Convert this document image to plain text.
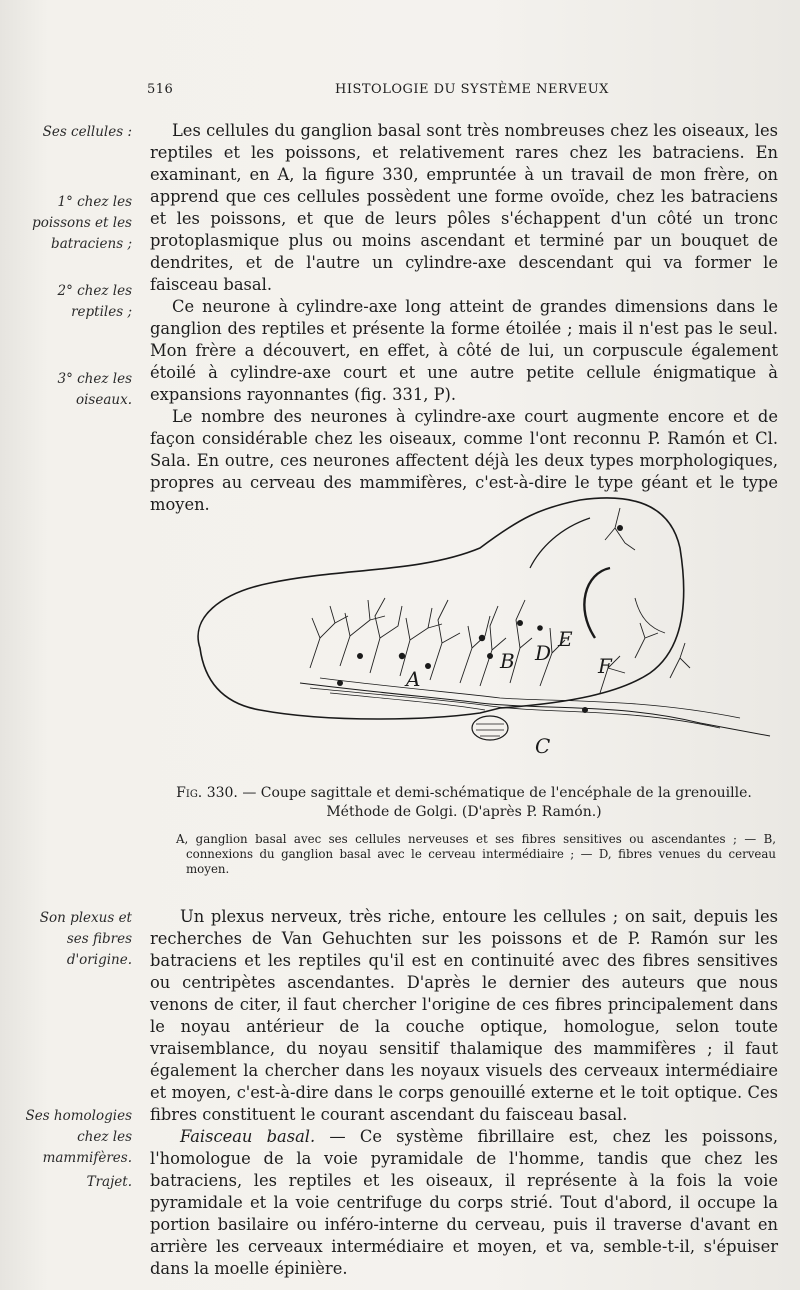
516	HISTOLOGIE DU SYSTÈME NERVEUX
Ses cellules :
1° chez les poissons et les batraciens ;
2° chez les reptiles ;
3° chez les oiseaux.
Son plexus et ses fibres d'origine.
Ses homologies chez les mammifères.
Trajet.

Les cellules du ganglion basal sont très nombreuses chez les oiseaux, les reptiles et les poissons, et relativement rares chez les batraciens. En examinant, en A, la figure 330, empruntée à un travail de mon frère, on apprend que ces cellules possèdent une forme ovoïde, chez les batraciens et les poissons, et que de leurs pôles s'échappent d'un côté un tronc protoplasmique plus ou moins ascendant et terminé par un bouquet de dendrites, et de l'autre un cylindre-axe descendant qui va former le faisceau basal.

Ce neurone à cylindre-axe long atteint de grandes dimensions dans le ganglion des reptiles et présente la forme étoilée ; mais il n'est pas le seul. Mon frère a découvert, en effet, à côté de lui, un corpuscule également étoilé à cylindre-axe court et une autre petite cellule énigmatique à expansions rayonnantes (fig. 331, P).

Le nombre des neurones à cylindre-axe court augmente encore et de façon considérable chez les oiseaux, comme l'ont reconnu P. Ramón et Cl. Sala. En outre, ces neurones affectent déjà les deux types morphologiques, propres au cerveau des mammifères, c'est-à-dire le type géant et le type moyen.

A
B D
E
F
C
Fig. 330. — Coupe sagittale et demi-schématique de l'encéphale de la grenouille.
Méthode de Golgi. (D'après P. Ramón.)
A, ganglion basal avec ses cellules nerveuses et ses fibres sensitives ou ascendantes ; — B, connexions du ganglion basal avec le cerveau intermédiaire ; — D, fibres venues du cerveau moyen.

Un plexus nerveux, très riche, entoure les cellules ; on sait, depuis les recherches de Van Gehuchten sur les poissons et de P. Ramón sur les batraciens et les reptiles qu'il est en continuité avec des fibres sensitives ou centripètes ascendantes. D'après le dernier des auteurs que nous venons de citer, il faut chercher l'origine de ces fibres principalement dans le noyau antérieur de la couche optique, homologue, selon toute vraisemblance, du noyau sensitif thalamique des mammifères ; il faut également la chercher dans les noyaux visuels des cerveaux intermédiaire et moyen, c'est-à-dire dans le corps genouillé externe et le toit optique. Ces fibres constituent le courant ascendant du faisceau basal.

Faisceau basal. — Ce système fibrillaire est, chez les poissons, l'homologue de la voie pyramidale de l'homme, tandis que chez les batraciens, les reptiles et les oiseaux, il représente à la fois la voie pyramidale et la voie centrifuge du corps strié. Tout d'abord, il occupe la portion basilaire ou inféro-interne du cerveau, puis il traverse d'avant en arrière les cerveaux intermédiaire et moyen, et va, semble-t-il, s'épuiser dans la moelle épinière.
